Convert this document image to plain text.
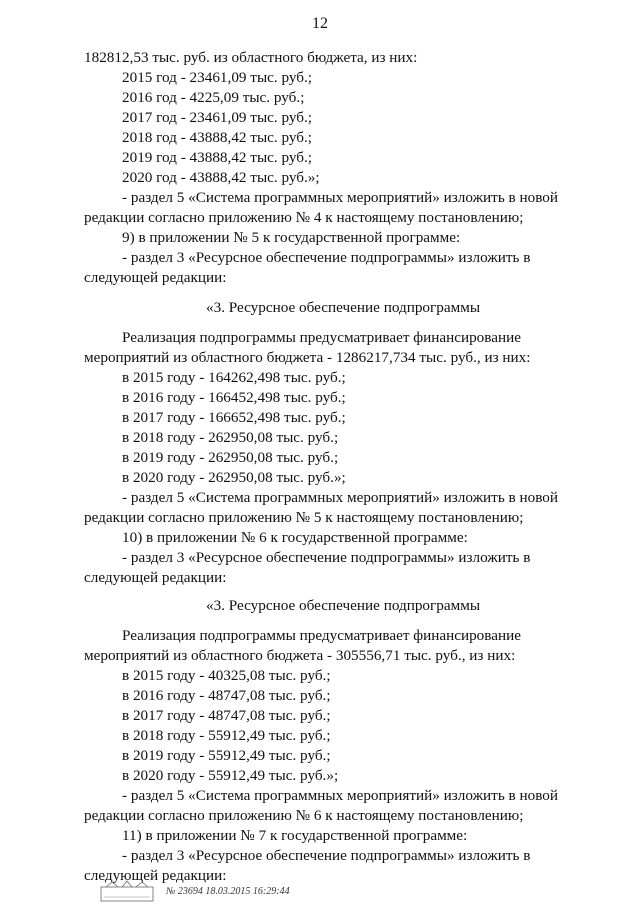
12
182812,53 тыс. руб. из областного бюджета, из них:
2015 год - 23461,09 тыс. руб.;
2016 год - 4225,09 тыс. руб.;
2017 год - 23461,09 тыс. руб.;
2018 год - 43888,42 тыс. руб.;
2019 год - 43888,42 тыс. руб.;
2020 год - 43888,42 тыс. руб.»;
- раздел 5 «Система программных мероприятий» изложить в новой
редакции согласно приложению № 4 к настоящему постановлению;
9) в приложении № 5 к государственной программе:
- раздел 3 «Ресурсное обеспечение подпрограммы» изложить в
следующей редакции:
«3. Ресурсное обеспечение подпрограммы
Реализация подпрограммы предусматривает финансирование
мероприятий из областного бюджета - 1286217,734 тыс. руб., из них:
в 2015 году - 164262,498 тыс. руб.;
в 2016 году - 166452,498 тыс. руб.;
в 2017 году - 166652,498 тыс. руб.;
в 2018 году - 262950,08 тыс. руб.;
в 2019 году - 262950,08 тыс. руб.;
в 2020 году - 262950,08 тыс. руб.»;
- раздел 5 «Система программных мероприятий» изложить в новой
редакции согласно приложению № 5 к настоящему постановлению;
10) в приложении № 6 к государственной программе:
- раздел 3 «Ресурсное обеспечение подпрограммы» изложить в
следующей редакции:
«3. Ресурсное обеспечение подпрограммы
Реализация подпрограммы предусматривает финансирование
мероприятий из областного бюджета - 305556,71 тыс. руб., из них:
в 2015 году - 40325,08 тыс. руб.;
в 2016 году - 48747,08 тыс. руб.;
в 2017 году - 48747,08 тыс. руб.;
в 2018 году - 55912,49 тыс. руб.;
в 2019 году - 55912,49 тыс. руб.;
в 2020 году - 55912,49 тыс. руб.»;
- раздел 5 «Система программных мероприятий» изложить в новой
редакции согласно приложению № 6 к настоящему постановлению;
11) в приложении № 7 к государственной программе:
- раздел 3 «Ресурсное обеспечение подпрограммы» изложить в
следующей редакции:
№ 23694 18.03.2015 16:29:44
